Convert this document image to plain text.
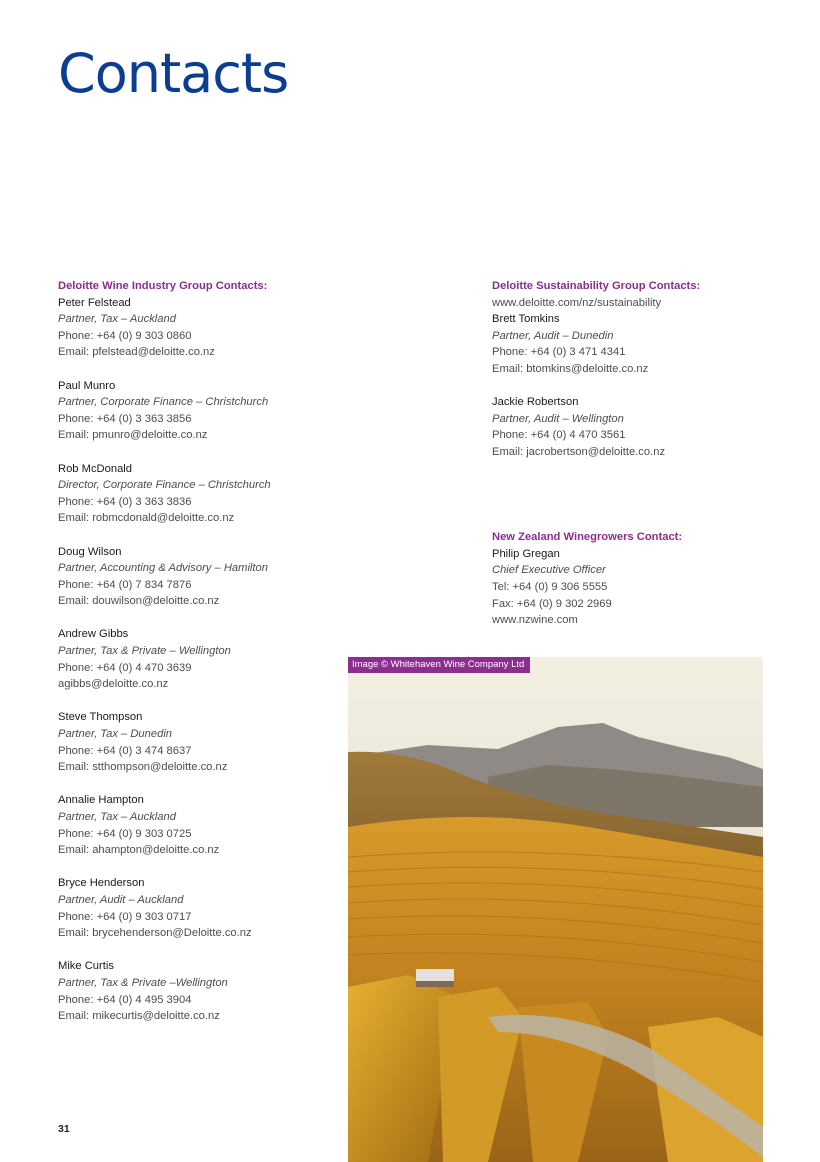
Contacts

Deloitte Wine Industry Group Contacts:

Peter Felstead
Partner, Tax – Auckland
Phone: +64 (0) 9 303 0860
Email: pfelstead@deloitte.co.nz
Paul Munro
Partner, Corporate Finance – Christchurch
Phone: +64 (0) 3 363 3856
Email: pmunro@deloitte.co.nz
Rob McDonald
Director, Corporate Finance – Christchurch
Phone: +64 (0) 3 363 3836
Email: robmcdonald@deloitte.co.nz
Doug Wilson
Partner, Accounting & Advisory – Hamilton
Phone: +64 (0) 7 834 7876
Email: douwilson@deloitte.co.nz
Andrew Gibbs
Partner, Tax & Private – Wellington
Phone: +64 (0) 4 470 3639
agibbs@deloitte.co.nz
Steve Thompson
Partner, Tax – Dunedin
Phone: +64 (0) 3 474 8637
Email: stthompson@deloitte.co.nz
Annalie Hampton
Partner, Tax – Auckland
Phone: +64 (0) 9 303 0725
Email: ahampton@deloitte.co.nz
Bryce Henderson
Partner, Audit – Auckland
Phone: +64 (0) 9 303 0717
Email: brycehenderson@Deloitte.co.nz
Mike Curtis
Partner, Tax & Private –Wellington
Phone: +64 (0) 4 495 3904
Email: mikecurtis@deloitte.co.nz

Deloitte Sustainability Group Contacts:

www.deloitte.com/nz/sustainability
Brett Tomkins
Partner, Audit – Dunedin
Phone: +64 (0) 3 471 4341
Email: btomkins@deloitte.co.nz
Jackie Robertson
Partner, Audit – Wellington
Phone: +64 (0) 4 470 3561
Email: jacrobertson@deloitte.co.nz

New Zealand Winegrowers Contact:

Philip Gregan
Chief Executive Officer
Tel: +64 (0) 9 306 5555
Fax: +64 (0) 9 302 2969
www.nzwine.com
Image © Whitehaven Wine Company Ltd
31
